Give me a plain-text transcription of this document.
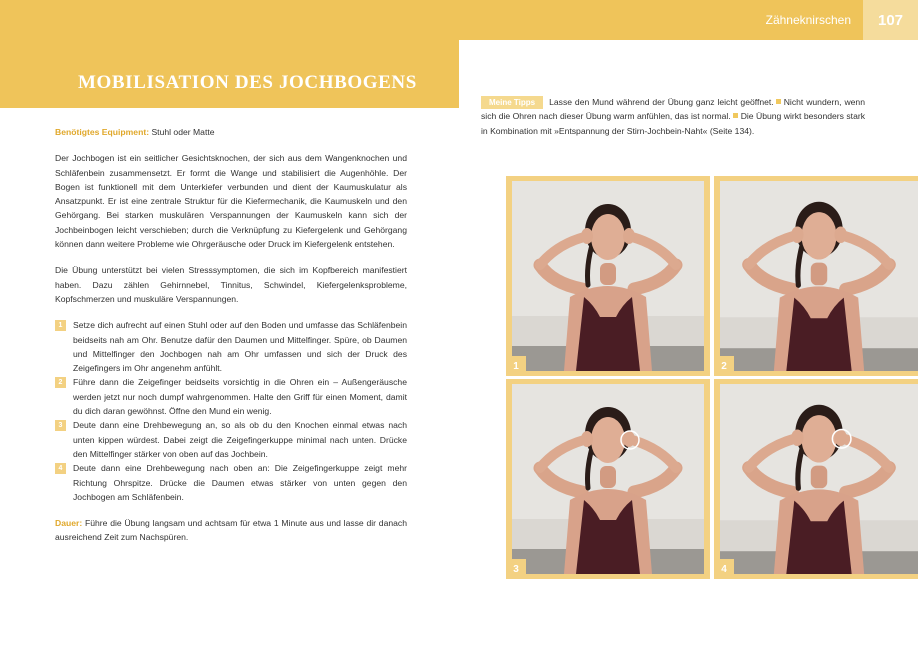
Zähneknirschen	107
MOBILISATION DES JOCHBOGENS

Benötigtes Equipment: Stuhl oder Matte

Der Jochbogen ist ein seitlicher Gesichtsknochen, der sich aus dem Wangenknochen und Schläfenbein zusammensetzt. Er formt die Wange und stabilisiert die Augenhöhle. Der Bogen ist funktionell mit dem Unterkiefer verbunden und dient der Kaumuskulatur als Ansatzpunkt. Er ist eine zentrale Struktur für die Kiefermechanik, die Kaumuskeln und den Gehörgang. Bei starken muskulären Verspannungen der Kaumuskeln kann sich der Jochbeinbogen leicht verschieben; durch die Verknüpfung zu Kiefergelenk und Gehörgang können dann weitere Probleme wie Ohrgeräusche oder Druck im Kiefergelenk entstehen.

Die Übung unterstützt bei vielen Stresssymptomen, die sich im Kopfbereich manifestiert haben. Dazu zählen Gehirnnebel, Tinnitus, Schwindel, Kiefergelenksprobleme, Kopfschmerzen und muskuläre Verspannungen.

1	Setze dich aufrecht auf einen Stuhl oder auf den Boden und umfasse das Schläfenbein beidseits nah am Ohr. Benutze dafür den Daumen und Mittelfinger. Spüre, ob Daumen und Mittelfinger den Jochbogen nah am Ohr umfassen und sich der Druck des Zeigefingers im Ohr angenehm anfühlt.
2	Führe dann die Zeigefinger beidseits vorsichtig in die Ohren ein – Außengeräusche werden jetzt nur noch dumpf wahrgenommen. Halte den Griff für einen Moment, damit du dich daran gewöhnst. Öffne den Mund ein wenig.
3	Deute dann eine Drehbewegung an, so als ob du den Knochen einmal etwas nach unten kippen würdest. Dabei zeigt die Zeigefingerkuppe minimal nach unten. Drücke den Mittelfinger stärker von oben auf das Jochbein.
4	Deute dann eine Drehbewegung nach oben an: Die Zeigefingerkuppe zeigt mehr Richtung Ohrspitze. Drücke die Daumen etwas stärker von unten gegen den Jochbogen am Schläfenbein.

Dauer: Führe die Übung langsam und achtsam für etwa 1 Minute aus und lasse dir danach ausreichend Zeit zum Nachspüren.

Meine Tipps Lasse den Mund während der Übung ganz leicht geöffnet. Nicht wundern, wenn sich die Ohren nach dieser Übung warm anfühlen, das ist normal. Die Übung wirkt besonders stark in Kombination mit »Entspannung der Stirn-Jochbein-Naht« (Seite 134).
1	2
3	4
